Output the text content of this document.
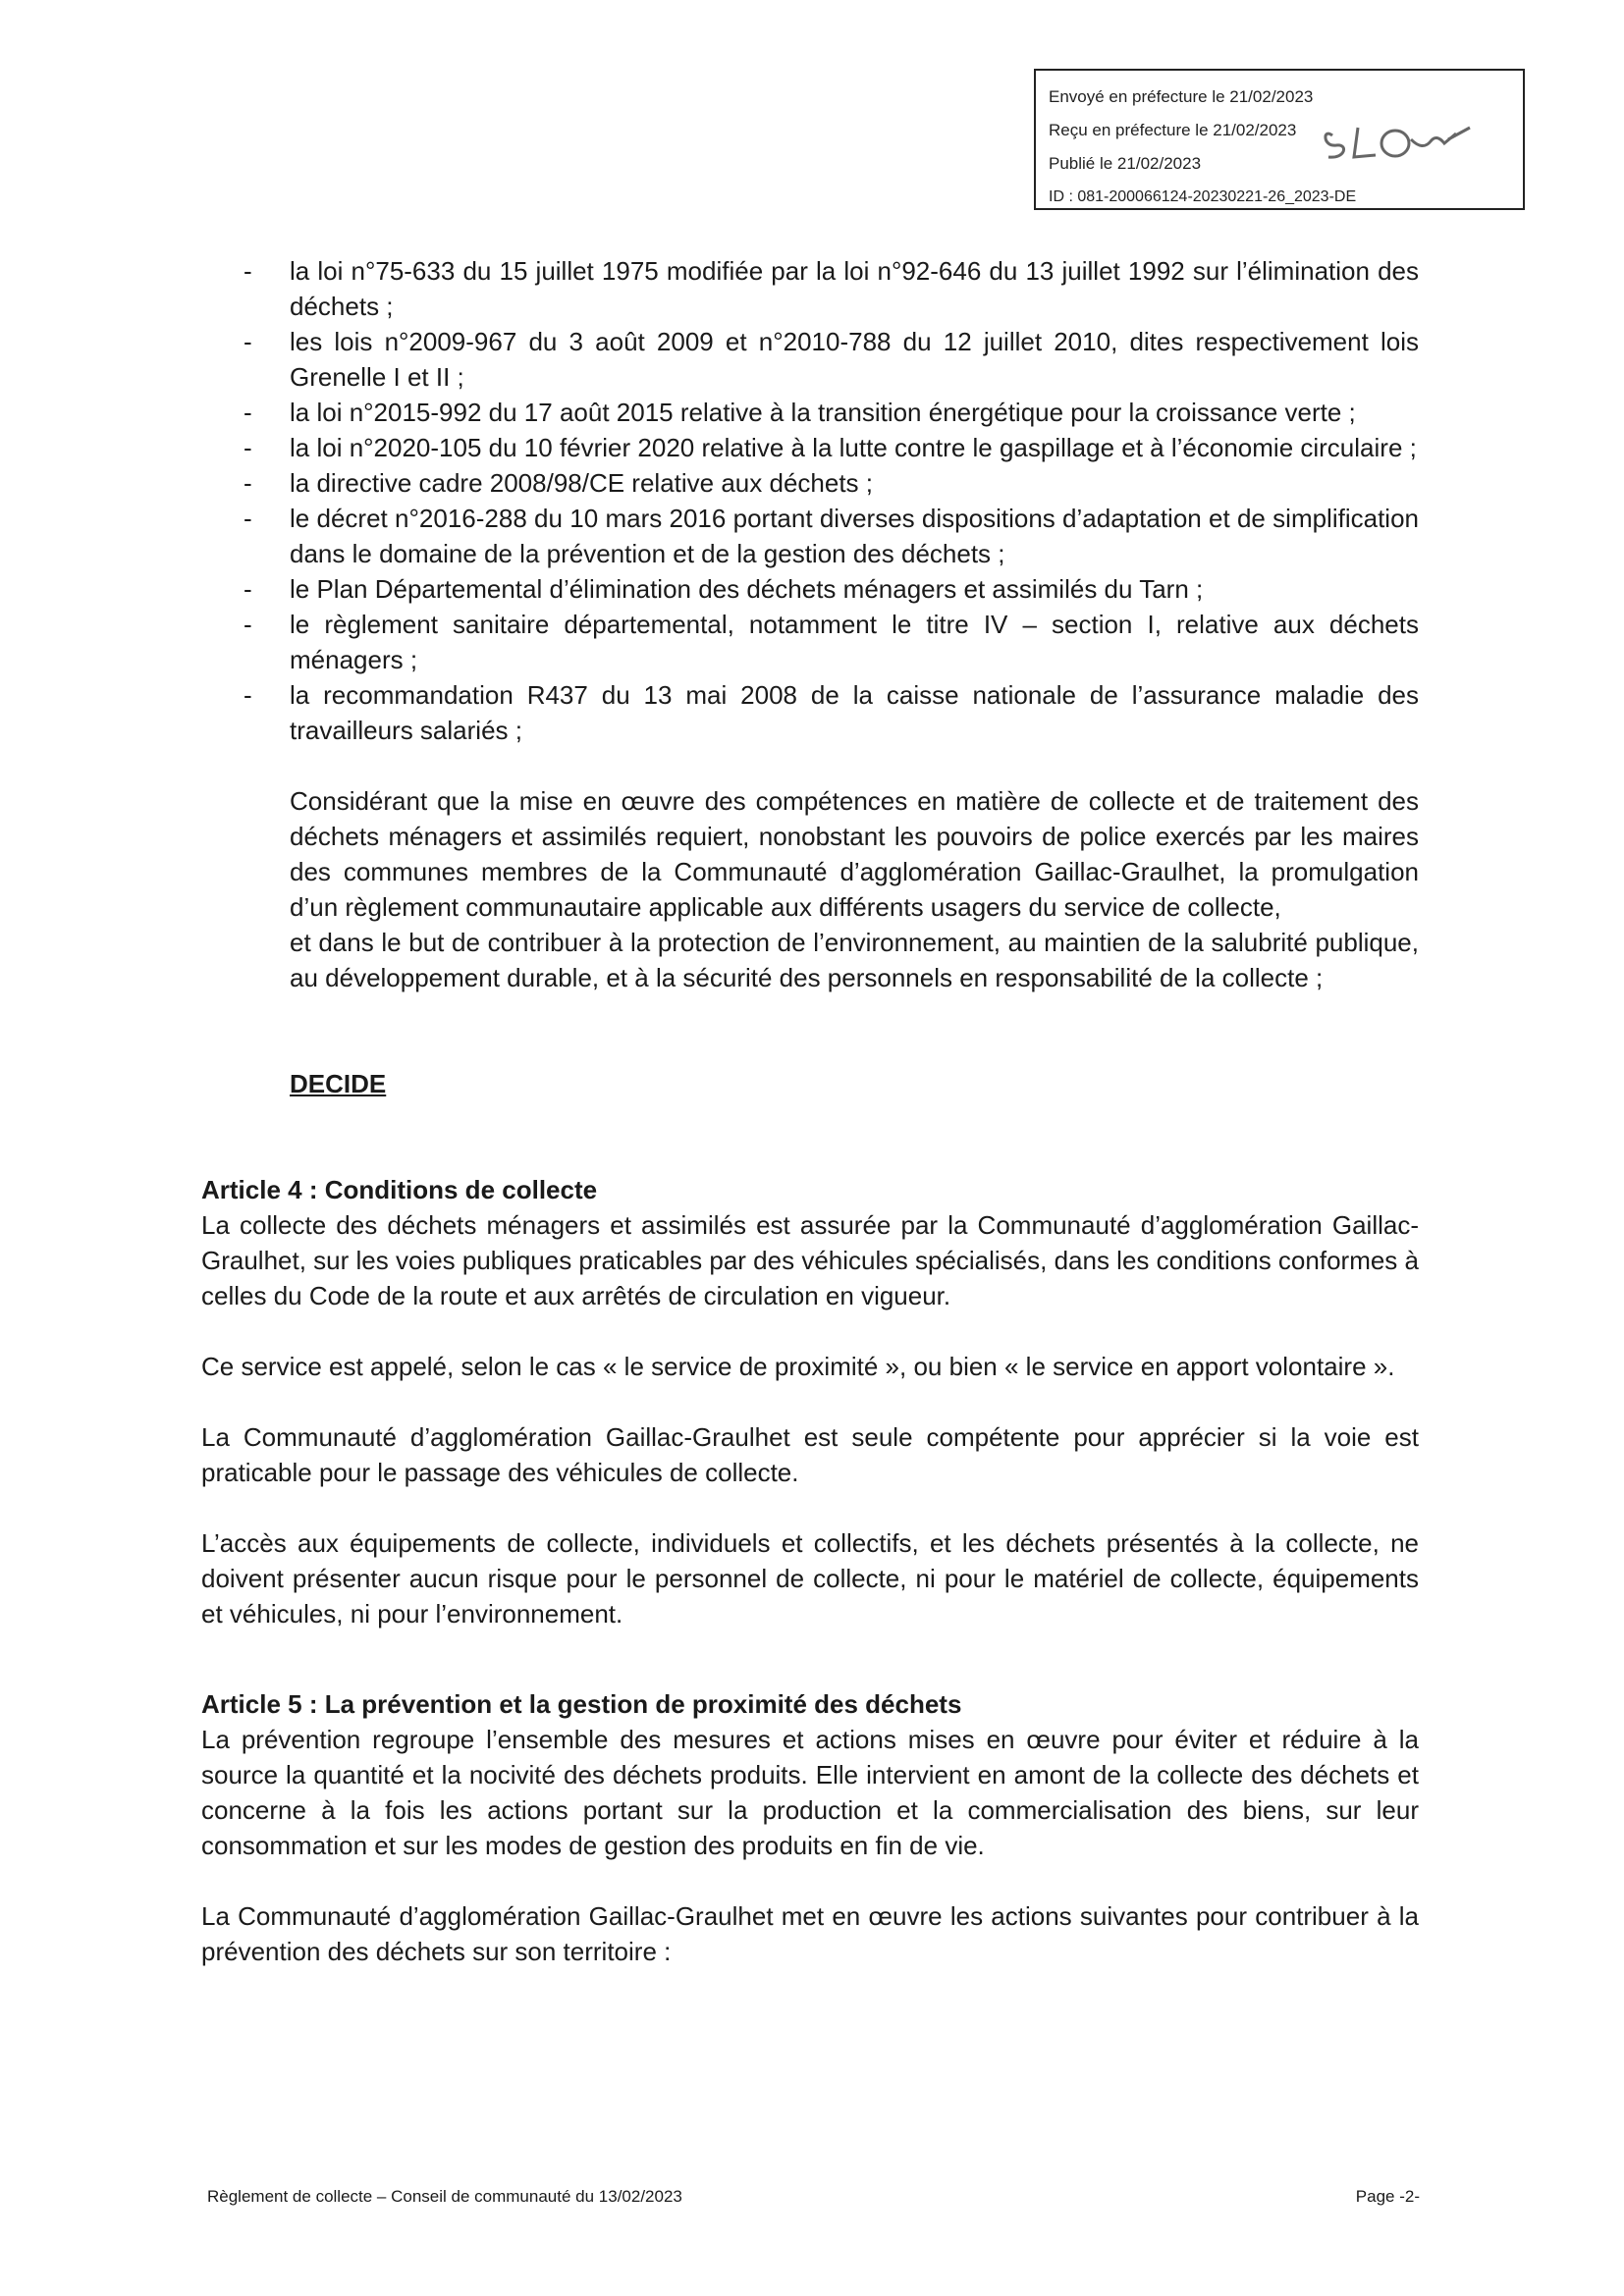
Envoyé en préfecture le 21/02/2023
Reçu en préfecture le 21/02/2023
Publié le 21/02/2023
ID : 081-200066124-20230221-26_2023-DE
- la loi n°75-633 du 15 juillet 1975 modifiée par la loi n°92-646 du 13 juillet 1992 sur l’élimination des déchets ;
- les lois n°2009-967 du 3 août 2009 et n°2010-788 du 12 juillet 2010, dites respectivement lois Grenelle I et II ;
- la loi n°2015-992 du 17 août 2015 relative à la transition énergétique pour la croissance verte ;
- la loi n°2020-105 du 10 février 2020 relative à la lutte contre le gaspillage et à l’économie circulaire ;
- la directive cadre 2008/98/CE relative aux déchets ;
- le décret n°2016-288 du 10 mars 2016 portant diverses dispositions d’adaptation et de simplification dans le domaine de la prévention et de la gestion des déchets ;
- le Plan Départemental d’élimination des déchets ménagers et assimilés du Tarn ;
- le règlement sanitaire départemental, notamment le titre IV – section I, relative aux déchets ménagers ;
- la recommandation R437 du 13 mai 2008 de la caisse nationale de l’assurance maladie des travailleurs salariés ;

Considérant que la mise en œuvre des compétences en matière de collecte et de traitement des déchets ménagers et assimilés requiert, nonobstant les pouvoirs de police exercés par les maires des communes membres de la Communauté d’agglomération Gaillac-Graulhet, la promulgation d’un règlement communautaire applicable aux différents usagers du service de collecte,

et dans le but de contribuer à la protection de l’environnement, au maintien de la salubrité publique, au développement durable, et à la sécurité des personnels en responsabilité de la collecte ;

DECIDE

Article 4 : Conditions de collecte

La collecte des déchets ménagers et assimilés est assurée par la Communauté d’agglomération Gaillac-Graulhet, sur les voies publiques praticables par des véhicules spécialisés, dans les conditions conformes à celles du Code de la route et aux arrêtés de circulation en vigueur.

Ce service est appelé, selon le cas « le service de proximité », ou bien « le service en apport volontaire ».

La Communauté d’agglomération Gaillac-Graulhet est seule compétente pour apprécier si la voie est praticable pour le passage des véhicules de collecte.

L’accès aux équipements de collecte, individuels et collectifs, et les déchets présentés à la collecte, ne doivent présenter aucun risque pour le personnel de collecte, ni pour le matériel de collecte, équipements et véhicules, ni pour l’environnement.

Article 5 : La prévention et la gestion de proximité des déchets

La prévention regroupe l’ensemble des mesures et actions mises en œuvre pour éviter et réduire à la source la quantité et la nocivité des déchets produits. Elle intervient en amont de la collecte des déchets et concerne à la fois les actions portant sur la production et la commercialisation des biens, sur leur consommation et sur les modes de gestion des produits en fin de vie.

La Communauté d’agglomération Gaillac-Graulhet met en œuvre les actions suivantes pour contribuer à la prévention des déchets sur son territoire :

Règlement de collecte – Conseil de communauté du 13/02/2023	Page -2-
